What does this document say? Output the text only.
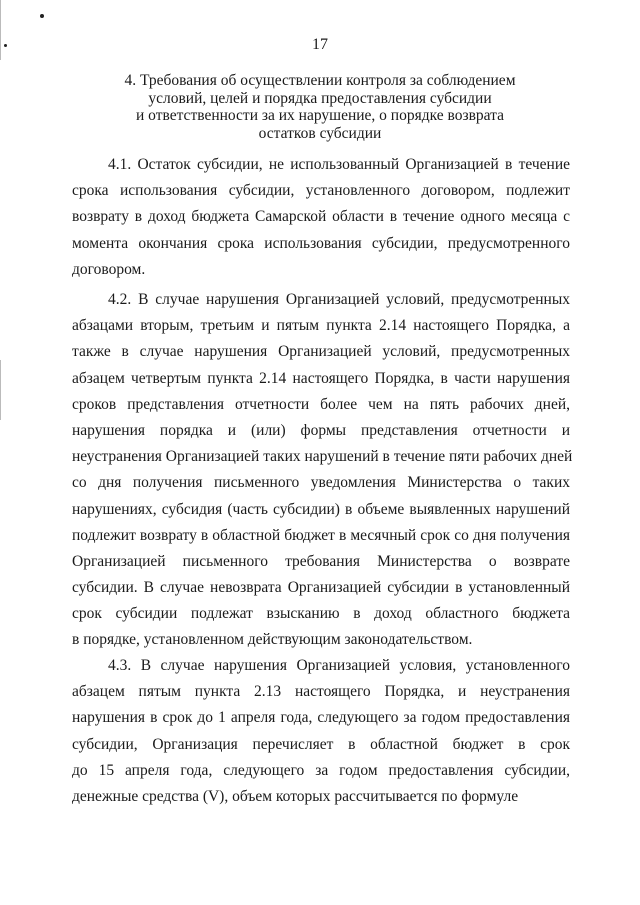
17
4. Требования об осуществлении контроля за соблюдением
условий, целей и порядка предоставления субсидии
и ответственности за их нарушение, о порядке возврата
остатков субсидии
4.1. Остаток субсидии, не использованный Организацией в течение
срока использования субсидии, установленного договором, подлежит
возврату в доход бюджета Самарской области в течение одного месяца с
момента окончания срока использования субсидии, предусмотренного
договором.
4.2. В случае нарушения Организацией условий, предусмотренных
абзацами вторым, третьим и пятым пункта 2.14 настоящего Порядка, а
также в случае нарушения Организацией условий, предусмотренных
абзацем четвертым пункта 2.14 настоящего Порядка, в части нарушения
сроков представления отчетности более чем на пять рабочих дней,
нарушения порядка и (или) формы представления отчетности и
неустранения Организацией таких нарушений в течение пяти рабочих дней
со дня получения письменного уведомления Министерства о таких
нарушениях, субсидия (часть субсидии) в объеме выявленных нарушений
подлежит возврату в областной бюджет в месячный срок со дня получения
Организацией письменного требования Министерства о возврате
субсидии. В случае невозврата Организацией субсидии в установленный
срок субсидии подлежат взысканию в доход областного бюджета
в порядке, установленном действующим законодательством.
4.3. В случае нарушения Организацией условия, установленного
абзацем пятым пункта 2.13 настоящего Порядка, и неустранения
нарушения в срок до 1 апреля года, следующего за годом предоставления
субсидии, Организация перечисляет в областной бюджет в срок
до 15 апреля года, следующего за годом предоставления субсидии,
денежные средства (V), объем которых рассчитывается по формуле
